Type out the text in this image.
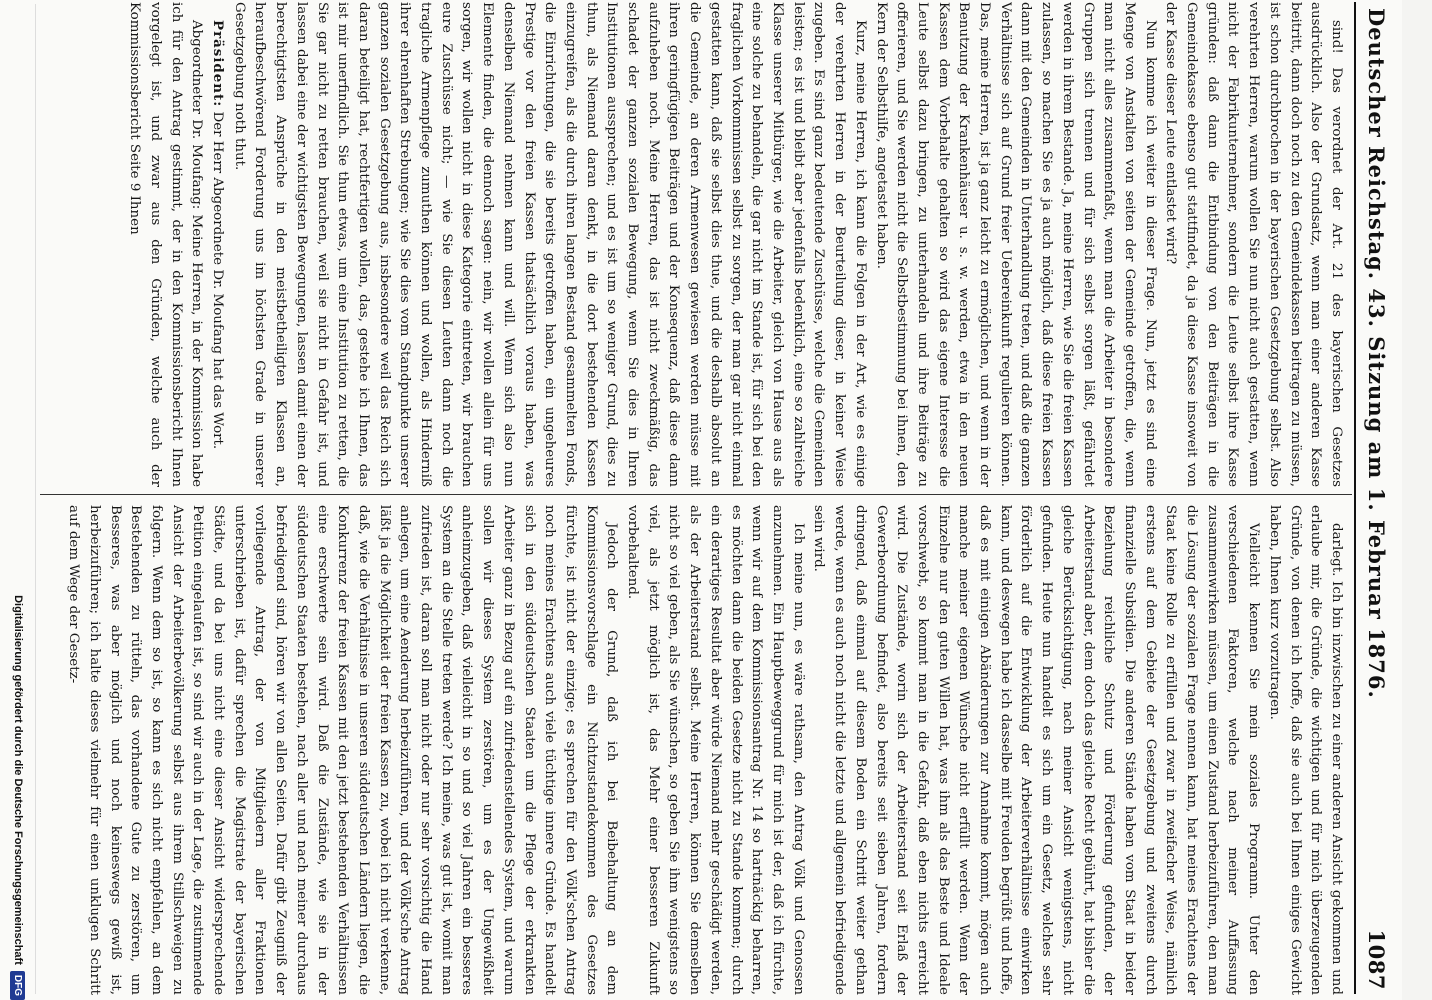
Deutscher Reichstag. 43. Sitzung am 1. Februar 1876.
1087

sind! Das verordnet der Art. 21 des bayerischen Gesetzes ausdrücklich. Also der Grundsatz, wenn man einer anderen Kasse beitritt, dann doch noch zu den Gemeindekassen beitragen zu müssen, ist schon durchbrochen in der bayerischen Gesetzgebung selbst. Also verehrten Herren, warum wollen Sie nun nicht auch gestatten, wenn nicht der Fabrikunternehmer, sondern die Leute selbst ihre Kasse gründen: daß dann die Entbindung von den Beiträgen in die Gemeindekasse ebenso gut stattfindet, da ja diese Kasse insoweit von der Kasse dieser Leute entlastet wird?

Nun komme ich weiter in dieser Frage. Nun, jetzt es sind eine Menge von Anstalten von seiten der Gemeinde getroffen, die, wenn man nicht alles zusammenfaßt, wenn man die Arbeiter in besondere Gruppen sich trennen und für sich selbst sorgen läßt, gefährdet werden in ihrem Bestande. Ja, meine Herren, wie Sie die freien Kassen zulassen, so machen Sie es ja auch möglich, daß diese freien Kassen dann mit den Gemeinden in Unterhandlung treten, und daß die ganzen Verhältnisse sich auf Grund freier Uebereinkunft regulieren können. Das, meine Herren, ist ja ganz leicht zu ermöglichen, und wenn in der Benutzung der Krankenhäuser u. s. w. werden, etwa in den neuen Kassen dem Vorbehalte gehalten so wird das eigene Interesse die Leute selbst dazu bringen, zu unterhandeln und ihre Beiträge zu offerieren, und Sie werden nicht die Selbstbestimmung bei ihnen, den Kern der Selbsthilfe, angetastet haben.

Kurz, meine Herren, ich kann die Folgen in der Art, wie es einige der verehrten Herren in der Beurteilung dieser, in keiner Weise zugeben. Es sind ganz bedeutende Zuschüsse, welche die Gemeinden leisten; es ist und bleibt aber jedenfalls bedenklich, eine so zahlreiche Klasse unserer Mitbürger, wie die Arbeiter, gleich von Hause aus als eine solche zu behandeln, die gar nicht im Stande ist, für sich bei den fraglichen Vorkommnissen selbst zu sorgen, der man gar nicht einmal gestatten kann, daß sie selbst dies thue, und die deshalb absolut an die Gemeinde, an deren Armenwesen gewiesen werden müsse mit ihren geringfügigen Beiträgen und der Konsequenz, daß diese dann aufzuheben noch. Meine Herren, das ist nicht zweckmäßig, das schadet der ganzen sozialen Bewegung, wenn Sie dies in Ihren Institutionen aussprechen; und es ist um so weniger Grund, dies zu thun, als Niemand daran denkt, in die dort bestehenden Kassen einzugreifen, als die durch ihren langen Bestand gesammelten Fonds, die Einrichtungen, die sie bereits getroffen haben, ein ungeheures Prestige vor den freien Kassen thatsächlich voraus haben, was denselben Niemand nehmen kann und will. Wenn sich also nun Elemente finden, die dennoch sagen: nein, wir wollen allein für uns sorgen, wir wollen nicht in diese Kategorie eintreten, wir brauchen eure Zuschüsse nicht; — wie Sie diesen Leuten dann noch die tragliche Armenpflege zumuthen können und wollen, als Hinderniß ihrer ehrenhaften Strebungen; wie Sie dies vom Standpunkte unserer ganzen sozialen Gesetzgebung aus, insbesondere weil das Reich sich daran beteiligt hat, rechtfertigen wollen, das, gestehe ich Ihnen, das ist mir unerfindlich. Sie thun etwas, um eine Institution zu retten, die Sie gar nicht zu retten brauchen, weil sie nicht in Gefahr ist, und lassen dabei eine der wichtigsten Bewegungen, lassen damit einen der berechtigtsten Ansprüche in den meistbetheiligten Klassen an, heraufbeschwörend Forderung uns im höchsten Grade in unserer Gesetzgebung noth thut.

Präsident: Der Herr Abgeordnete Dr. Moufang hat das Wort.

Abgeordneter Dr. Moufang: Meine Herren, in der Kommission habe ich für den Antrag gestimmt, der in den Kommissionsbericht Ihnen vorgelegt ist, und zwar aus den Gründen, welche auch der Kommissionsbericht Seite 9 Ihnen

darlegt. Ich bin inzwischen zu einer anderen Ansicht gekommen und erlaube mir, die Gründe, die wichtigen und für mich überzeugenden Gründe, von denen ich hoffe, daß sie auch bei Ihnen einiges Gewicht haben, Ihnen kurz vorzutragen.

Vielleicht kennen Sie mein soziales Programm. Unter den verschiedenen Faktoren, welche nach meiner Auffassung zusammenwirken müssen, um einen Zustand herbeizuführen, den man die Lösung der sozialen Frage nennen kann, hat meines Erachtens der Staat keine Rolle zu erfüllen und zwar in zweifacher Weise, nämlich erstens auf dem Gebiete der Gesetzgebung und zweitens durch finanzielle Subsidien. Die anderen Stände haben vom Staat in beider Beziehung reichliche Schutz und Förderung gefunden, der Arbeiterstand aber, dem doch das gleiche Recht gebührt, hat bisher die gleiche Berücksichtigung, nach meiner Ansicht wenigstens, nicht gefunden. Heute nun handelt es sich um ein Gesetz, welches sehr förderlich auf die Entwicklung der Arbeiterverhältnisse einwirken kann, und deswegen habe ich dasselbe mit Freuden begrüßt und hoffe, daß es mit einigen Abänderungen zur Annahme kommt, mögen auch manche meiner eigenen Wünsche nicht erfüllt werden. Wenn der Einzelne nur den guten Willen hat, was ihm als das Beste und Ideale vorschwebt, so kommt man in die Gefahr, daß eben nichts erreicht wird. Die Zustände, worin sich der Arbeiterstand seit Erlaß der Gewerbeordnung befindet, also bereits seit sieben Jahren, fordern dringend, daß einmal auf diesem Boden ein Schritt weiter gethan werde, wenn es auch noch nicht die letzte und allgemein befriedigende sein wird.

Ich meine nun, es wäre rathsam, den Antrag Völk und Genossen anzunehmen. Ein Hauptbeweggrund für mich ist der, daß ich fürchte, wenn wir auf dem Kommissionsantrag Nr. 14 so hartnäckig beharren, es möchten dann die beiden Gesetze nicht zu Stande kommen; durch ein derartiges Resultat aber würde Niemand mehr geschädigt werden, als der Arbeiterstand selbst. Meine Herren, können Sie demselben nicht so viel geben, als Sie wünschen, so geben Sie ihm wenigstens so viel, als jetzt möglich ist, das Mehr einer besseren Zukunft vorbehaltend.

Jedoch der Grund, daß ich bei Beibehaltung an dem Kommissionsvorschlage ein Nichtzustandekommen des Gesetzes fürchte, ist nicht der einzige; es sprechen für den Völk'schen Antrag noch meines Erachtens auch viele tüchtige innere Gründe. Es handelt sich in den süddeutschen Staaten um die Pflege der erkrankten Arbeiter ganz in Bezug auf ein zufriedenstellendes System, und warum sollen wir dieses System zerstören, um es der Ungewißheit anheimzugeben, daß vielleicht in so und so viel Jahren ein besseres System an die Stelle treten werde? Ich meine, was gut ist, womit man zufrieden ist, daran soll man nicht oder nur sehr vorsichtig die Hand anlegen, um eine Aenderung herbeizuführen, und der Völk'sche Antrag läßt ja die Möglichkeit der freien Kassen zu, wobei ich nicht verkenne, daß, wie die Verhältnisse in unseren süddeutschen Ländern liegen, die Konkurrenz der freien Kassen mit den jetzt bestehenden Verhältnissen eine erschwerte sein wird. Daß die Zustände, wie sie in der süddeutschen Staaten bestehen, nach aller und nach meiner durchaus befriedigend sind, hören wir von allen Seiten. Dafür gibt Zeugniß der vorliegende Antrag, der von Mitgliedern aller Fraktionen unterschrieben ist, dafür sprechen die Magistrate der bayerischen Städte, und da bei uns nicht eine dieser Ansicht widersprechende Petition eingelaufen ist, so sind wir auch in der Lage, die zustimmende Ansicht der Arbeiterbevölkerung selbst aus ihrem Stillschweigen zu folgern. Wenn dem so ist, so kann es sich nicht empfehlen, an dem Bestehenden zu rütteln, das vorhandene Gute zu zerstören, um Besseres, was aber möglich und noch keineswegs gewiß ist, herbeizuführen; ich halte dieses vielmehr für einen unklugen Schritt auf dem Wege der Gesetz-

Digitalisierung gefördert durch die Deutsche Forschungsgemeinschaft
DFG
